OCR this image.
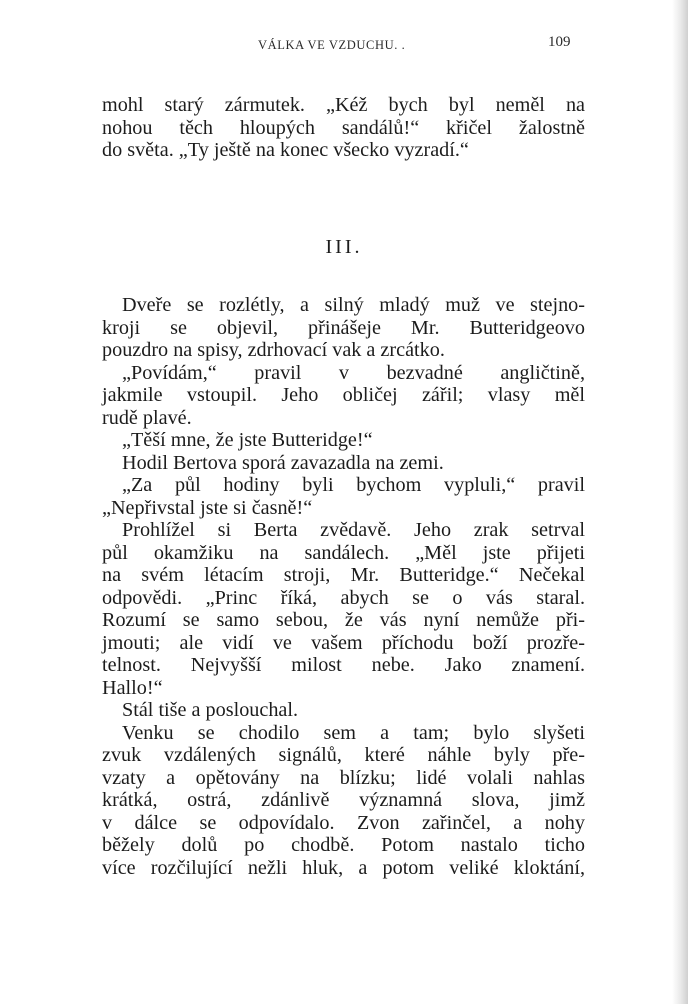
VÁLKA VE VZDUCHU. .	109
mohl starý zármutek. „Kéž bych byl neměl na
nohou těch hloupých sandálů!“ křičel žalostně
do světa. „Ty ještě na konec všecko vyzradí.“
III.
Dveře se rozlétly, a silný mladý muž ve stejno-
kroji se objevil, přinášeje Mr. Butteridgeovo
pouzdro na spisy, zdrhovací vak a zrcátko.
„Povídám,“ pravil v bezvadné angličtině,
jakmile vstoupil. Jeho obličej zářil; vlasy měl
rudě plavé.
„Těší mne, že jste Butteridge!“
Hodil Bertova sporá zavazadla na zemi.
„Za půl hodiny byli bychom vypluli,“ pravil
„Nepřivstal jste si časně!“
Prohlížel si Berta zvědavě. Jeho zrak setrval
půl okamžiku na sandálech. „Měl jste přijeti
na svém létacím stroji, Mr. Butteridge.“ Nečekal
odpovědi. „Princ říká, abych se o vás staral.
Rozumí se samo sebou, že vás nyní nemůže při-
jmouti; ale vidí ve vašem příchodu boží prozře-
telnost. Nejvyšší milost nebe. Jako znamení.
Hallo!“
Stál tiše a poslouchal.
Venku se chodilo sem a tam; bylo slyšeti
zvuk vzdálených signálů, které náhle byly pře-
vzaty a opětovány na blízku; lidé volali nahlas
krátká, ostrá, zdánlivě významná slova, jimž
v dálce se odpovídalo. Zvon zařinčel, a nohy
běžely dolů po chodbě. Potom nastalo ticho
více rozčilující nežli hluk, a potom veliké kloktání,
